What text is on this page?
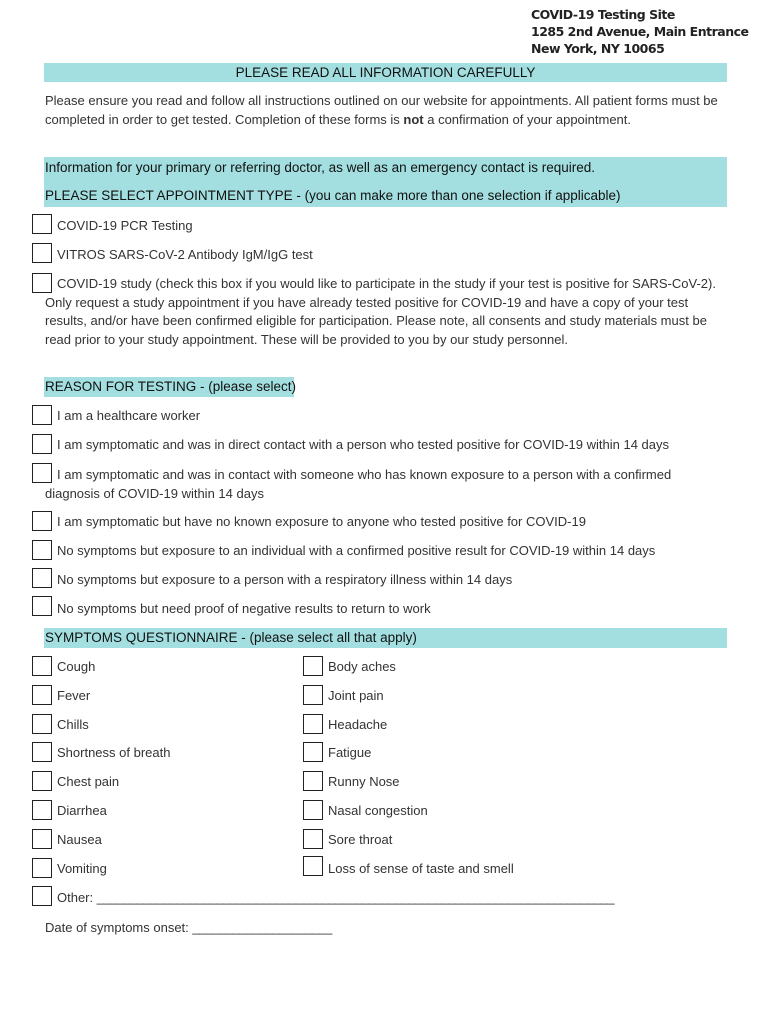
COVID-19 Testing Site
1285 2nd Avenue, Main Entrance
New York, NY 10065
PLEASE READ ALL INFORMATION CAREFULLY
Please ensure you read and follow all instructions outlined on our website for appointments. All patient forms must be completed in order to get tested. Completion of these forms is not a confirmation of your appointment.
Information for your primary or referring doctor, as well as an emergency contact is required.
PLEASE SELECT APPOINTMENT TYPE - (you can make more than one selection if applicable)
COVID-19 PCR Testing
VITROS SARS-CoV-2 Antibody IgM/IgG test
COVID-19 study (check this box if you would like to participate in the study if your test is positive for SARS-CoV-2). Only request a study appointment if you have already tested positive for COVID-19 and have a copy of your test results, and/or have been confirmed eligible for participation. Please note, all consents and study materials must be read prior to your study appointment. These will be provided to you by our study personnel.
REASON FOR TESTING - (please select)
I am a healthcare worker
I am symptomatic and was in direct contact with a person who tested positive for COVID-19 within 14 days
I am symptomatic and was in contact with someone who has known exposure to a person with a confirmed diagnosis of COVID-19 within 14 days
I am symptomatic but have no known exposure to anyone who tested positive for COVID-19
No symptoms but exposure to an individual with a confirmed positive result for COVID-19 within 14 days
No symptoms but exposure to a person with a respiratory illness within 14 days
No symptoms but need proof of negative results to return to work
SYMPTOMS QUESTIONNAIRE - (please select all that apply)
Cough
Fever
Chills
Shortness of breath
Chest pain
Diarrhea
Nausea
Vomiting
Body aches
Joint pain
Headache
Fatigue
Runny Nose
Nasal congestion
Sore throat
Loss of sense of taste and smell
Other: ______________________________________________________________________________
Date of symptoms onset: _____________________
